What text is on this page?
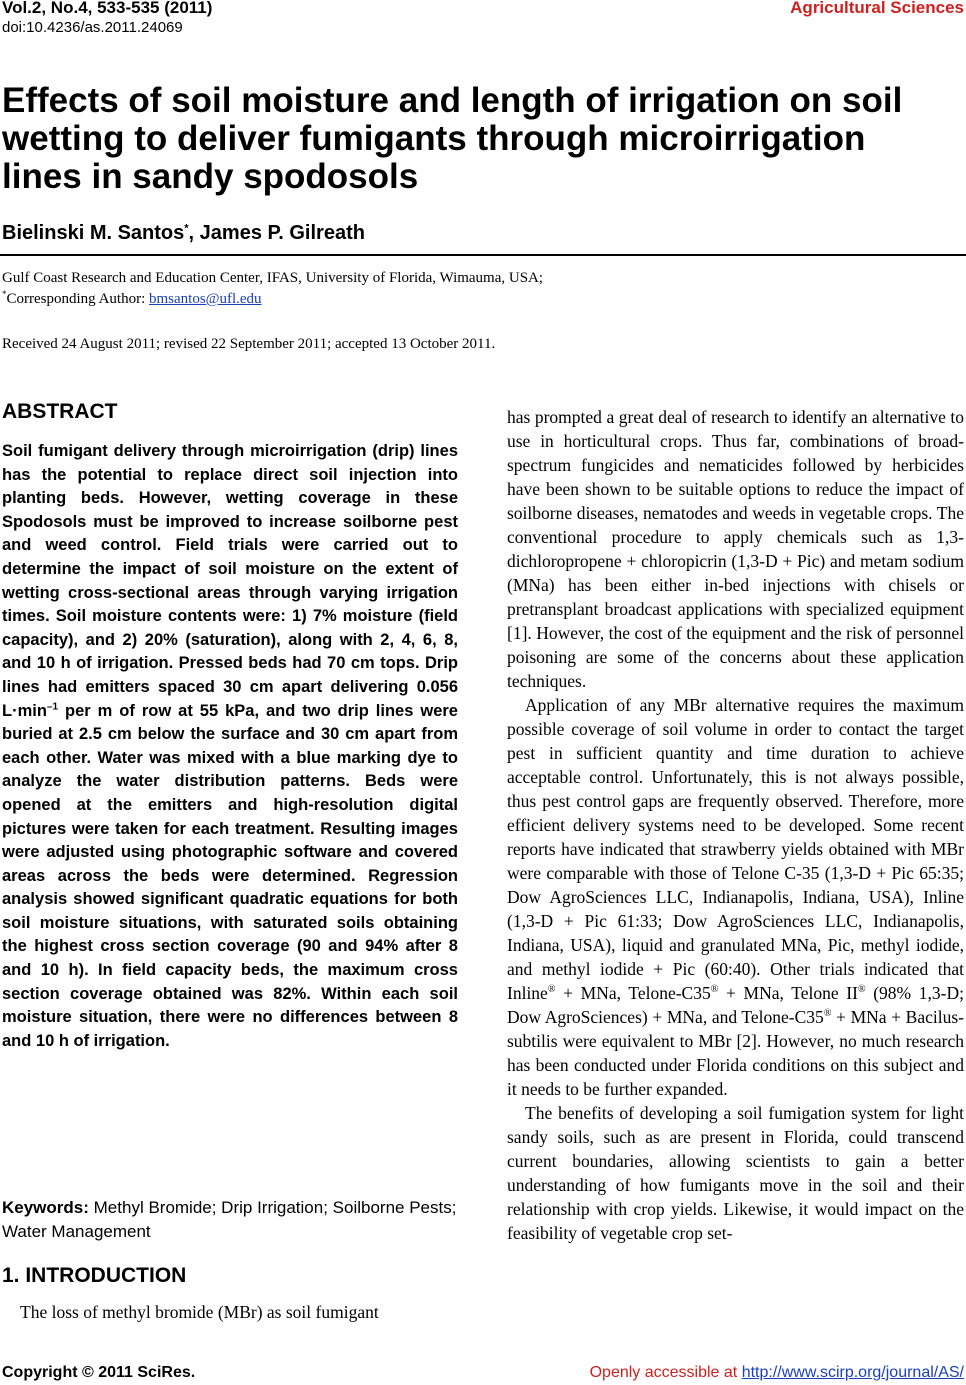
Vol.2, No.4, 533-535 (2011)
doi:10.4236/as.2011.24069
Agricultural Sciences
Effects of soil moisture and length of irrigation on soil wetting to deliver fumigants through microirrigation lines in sandy spodosols
Bielinski M. Santos*, James P. Gilreath
Gulf Coast Research and Education Center, IFAS, University of Florida, Wimauma, USA;
*Corresponding Author: bmsantos@ufl.edu
Received 24 August 2011; revised 22 September 2011; accepted 13 October 2011.
ABSTRACT
Soil fumigant delivery through microirrigation (drip) lines has the potential to replace direct soil injection into planting beds. However, wetting coverage in these Spodosols must be improved to increase soilborne pest and weed control. Field trials were carried out to determine the impact of soil moisture on the extent of wetting cross-sectional areas through varying irrigation times. Soil moisture contents were: 1) 7% moisture (field capacity), and 2) 20% (saturation), along with 2, 4, 6, 8, and 10 h of irrigation. Pressed beds had 70 cm tops. Drip lines had emitters spaced 30 cm apart delivering 0.056 $L\cdot\min^{-1}$ per m of row at 55 kPa, and two drip lines were buried at 2.5 cm below the surface and 30 cm apart from each other. Water was mixed with a blue marking dye to analyze the water distribution patterns. Beds were opened at the emitters and high-resolution digital pictures were taken for each treatment. Resulting images were adjusted using photographic software and covered areas across the beds were determined. Regression analysis showed significant quadratic equations for both soil moisture situations, with saturated soils obtaining the highest cross section coverage (90 and 94% after 8 and 10 h). In field capacity beds, the maximum cross section coverage obtained was 82%. Within each soil moisture situation, there were no differences between 8 and 10 h of irrigation.
Keywords: Methyl Bromide; Drip Irrigation; Soilborne Pests; Water Management
1. INTRODUCTION
The loss of methyl bromide (MBr) as soil fumigant

has prompted a great deal of research to identify an alternative to use in horticultural crops. Thus far, combinations of broad-spectrum fungicides and nematicides followed by herbicides have been shown to be suitable options to reduce the impact of soilborne diseases, nematodes and weeds in vegetable crops. The conventional procedure to apply chemicals such as 1,3-dichloropropene + chloropicrin (1,3-D + Pic) and metam sodium (MNa) has been either in-bed injections with chisels or pretransplant broadcast applications with specialized equipment [1]. However, the cost of the equipment and the risk of personnel poisoning are some of the concerns about these application techniques.

Application of any MBr alternative requires the maximum possible coverage of soil volume in order to contact the target pest in sufficient quantity and time duration to achieve acceptable control. Unfortunately, this is not always possible, thus pest control gaps are frequently observed. Therefore, more efficient delivery systems need to be developed. Some recent reports have indicated that strawberry yields obtained with MBr were comparable with those of Telone C-35 (1,3-D + Pic 65:35; Dow AgroSciences LLC, Indianapolis, Indiana, USA), Inline (1,3-D + Pic 61:33; Dow AgroSciences LLC, Indianapolis, Indiana, USA), liquid and granulated MNa, Pic, methyl iodide, and methyl iodide + Pic (60:40). Other trials indicated that Inline® + MNa, Telone-C35® + MNa, Telone II® (98% 1,3-D; Dow AgroSciences) + MNa, and Telone-C35® + MNa + Bacilus-subtilis were equivalent to MBr [2]. However, no much research has been conducted under Florida conditions on this subject and it needs to be further expanded.

The benefits of developing a soil fumigation system for light sandy soils, such as are present in Florida, could transcend current boundaries, allowing scientists to gain a better understanding of how fumigants move in the soil and their relationship with crop yields. Likewise, it would impact on the feasibility of vegetable crop set-

Copyright © 2011 SciRes.	Openly accessible at http://www.scirp.org/journal/AS/
